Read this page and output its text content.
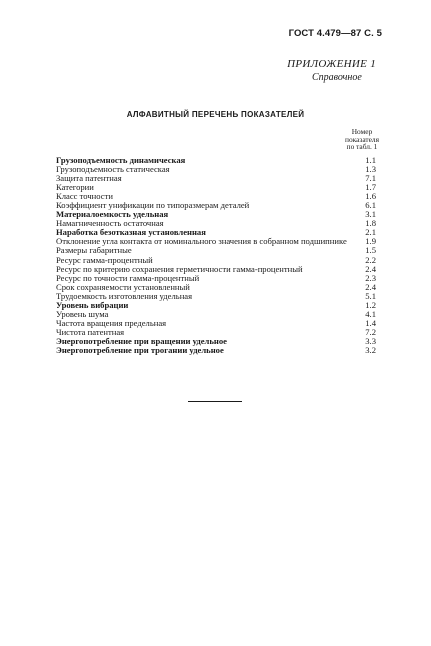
ГОСТ 4.479—87 С. 5
ПРИЛОЖЕНИЕ 1
Справочное
АЛФАВИТНЫЙ ПЕРЕЧЕНЬ ПОКАЗАТЕЛЕЙ
Номер
показателя
по табл. 1
Грузоподъемность динамическая	1.1
Грузоподъемность статическая	1.3
Защита патентная	7.1
Категории	1.7
Класс точности	1.6
Коэффициент унификации по типоразмерам деталей	6.1
Материалоемкость удельная	3.1
Намагниченность остаточная	1.8
Наработка безотказная установленная	2.1
Отклонение угла контакта от номинального значения в собранном подшипнике 1.9
Размеры габаритные	1.5
Ресурс гамма-процентный	2.2
Ресурс по критерию сохранения герметичности гамма-процентный	2.4
Ресурс по точности гамма-процентный	2.3
Срок сохраняемости установленный	2.4
Трудоемкость изготовления удельная	5.1
Уровень вибрации	1.2
Уровень шума	4.1
Частота вращения предельная	1.4
Чистота патентная	7.2
Энергопотребление при вращении удельное	3.3
Энергопотребление при трогании удельное	3.2
